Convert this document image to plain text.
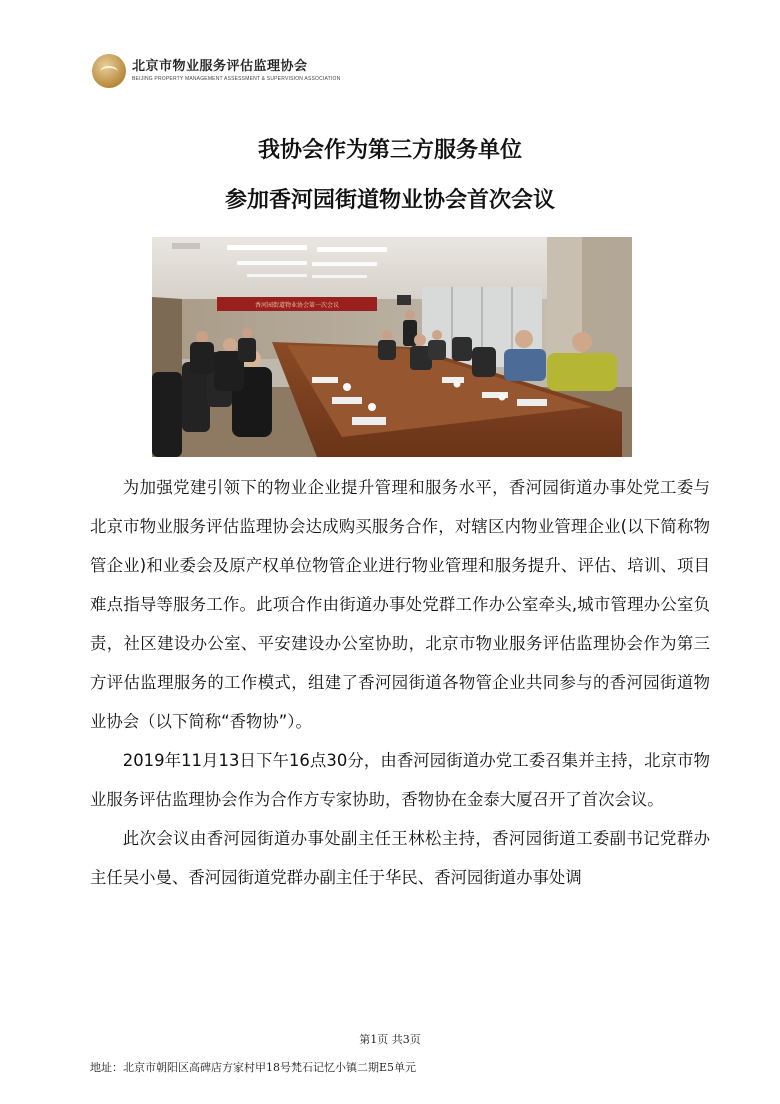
北京市物业服务评估监理协会
BEIJING PROPERTY MANAGEMENT ASSESSMENT & SUPERVISION ASSOCIATION
我协会作为第三方服务单位
参加香河园街道物业协会首次会议
香河园街道物业协会第一次会议

为加强党建引领下的物业企业提升管理和服务水平，香河园街道办事处党工委与北京市物业服务评估监理协会达成购买服务合作，对辖区内物业管理企业(以下简称物管企业)和业委会及原产权单位物管企业进行物业管理和服务提升、评估、培训、项目难点指导等服务工作。此项合作由街道办事处党群工作办公室牵头,城市管理办公室负责，社区建设办公室、平安建设办公室协助，北京市物业服务评估监理协会作为第三方评估监理服务的工作模式，组建了香河园街道各物管企业共同参与的香河园街道物业协会（以下简称“香物协”）。

2019年11月13日下午16点30分，由香河园街道办党工委召集并主持，北京市物业服务评估监理协会作为合作方专家协助，香物协在金泰大厦召开了首次会议。

此次会议由香河园街道办事处副主任王林松主持，香河园街道工委副书记党群办主任吴小曼、香河园街道党群办副主任于华民、香河园街道办事处调

第1页 共3页
地址：北京市朝阳区高碑店方家村甲18号梵石记忆小镇二期E5单元
